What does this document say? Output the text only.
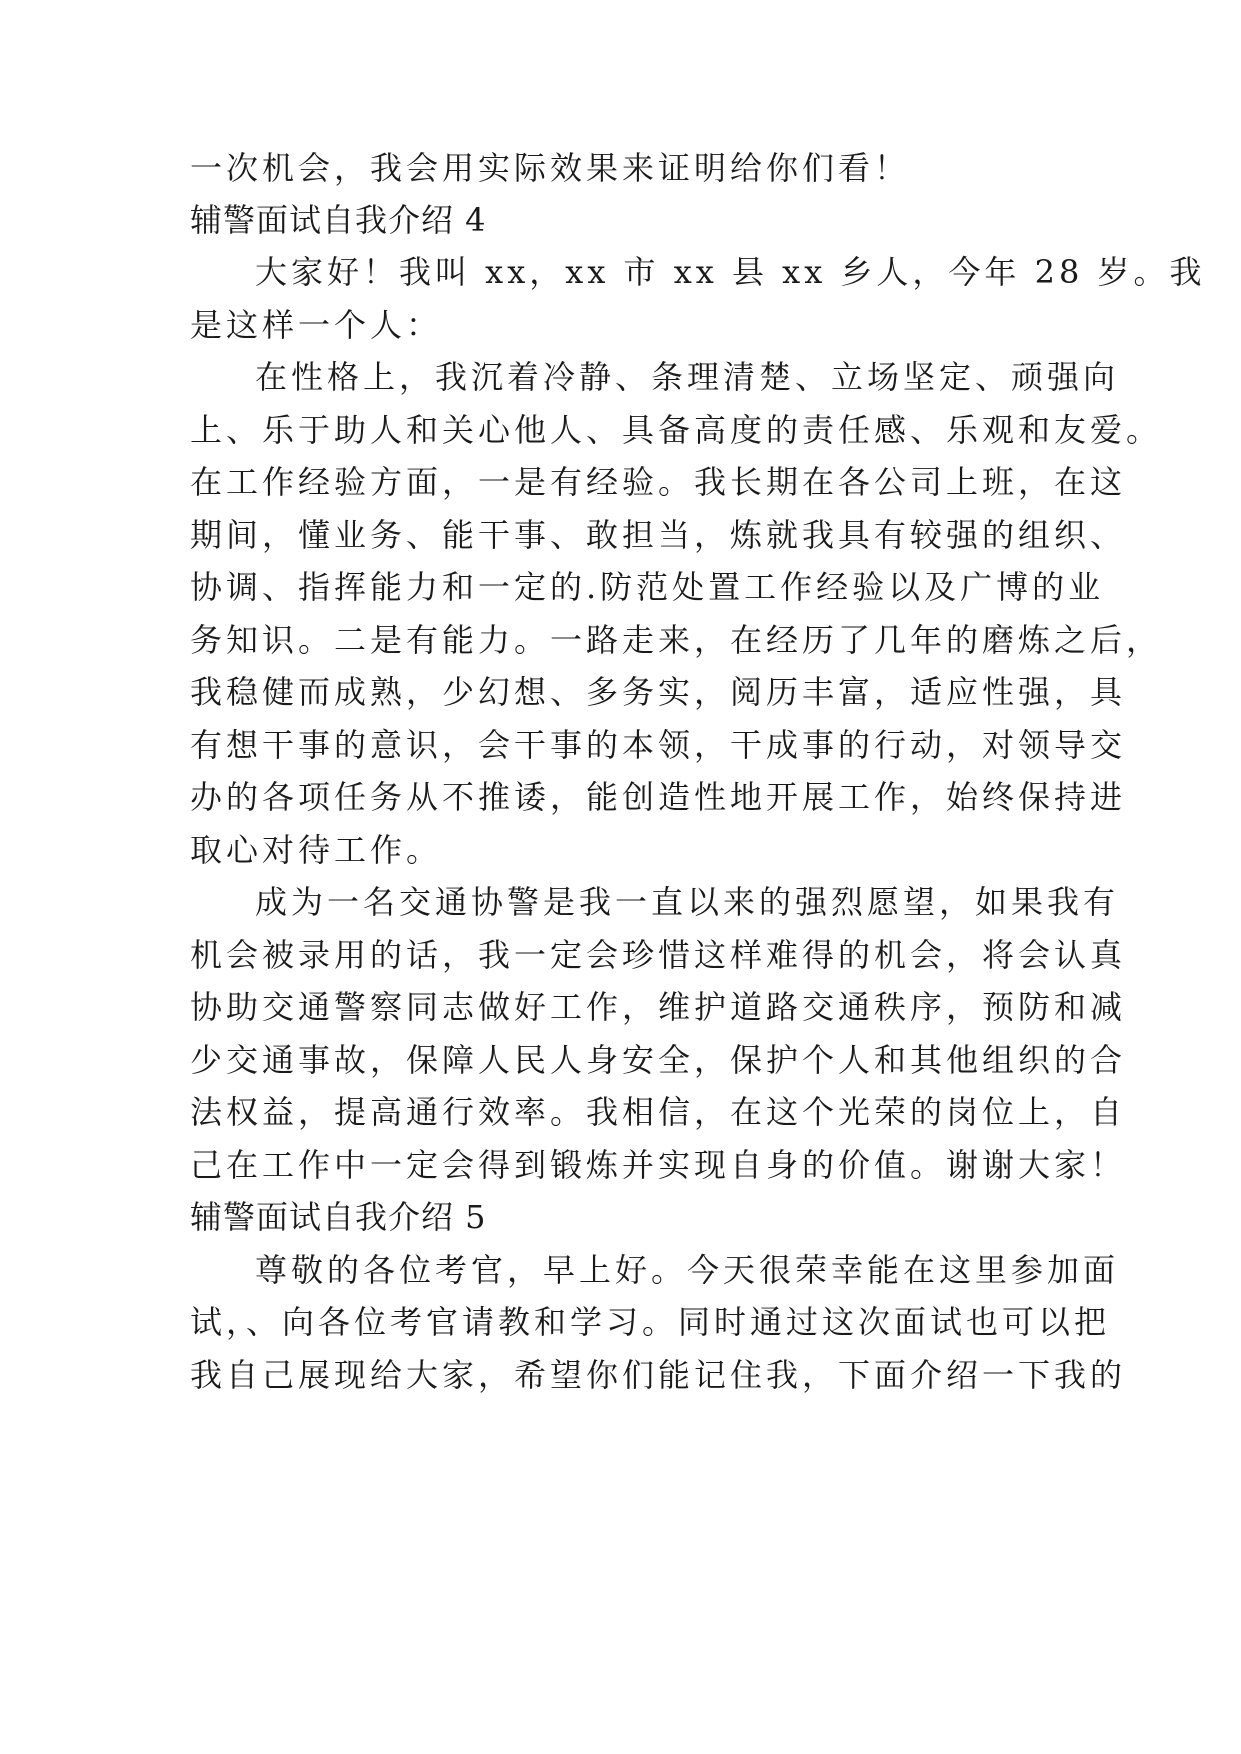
一次机会，我会用实际效果来证明给你们看！
辅警面试自我介绍 4
大家好！我叫 xx，xx 市 xx 县 xx 乡人，今年 28 岁。我
是这样一个人：
在性格上，我沉着冷静、条理清楚、立场坚定、顽强向
上、乐于助人和关心他人、具备高度的责任感、乐观和友爱。
在工作经验方面，一是有经验。我长期在各公司上班，在这
期间，懂业务、能干事、敢担当，炼就我具有较强的组织、
协调、指挥能力和一定的.防范处置工作经验以及广博的业
务知识。二是有能力。一路走来，在经历了几年的磨炼之后，
我稳健而成熟，少幻想、多务实，阅历丰富，适应性强，具
有想干事的意识，会干事的本领，干成事的行动，对领导交
办的各项任务从不推诿，能创造性地开展工作，始终保持进
取心对待工作。
成为一名交通协警是我一直以来的强烈愿望，如果我有
机会被录用的话，我一定会珍惜这样难得的机会，将会认真
协助交通警察同志做好工作，维护道路交通秩序，预防和减
少交通事故，保障人民人身安全，保护个人和其他组织的合
法权益，提高通行效率。我相信，在这个光荣的岗位上，自
己在工作中一定会得到锻炼并实现自身的价值。谢谢大家！
辅警面试自我介绍 5
尊敬的各位考官，早上好。今天很荣幸能在这里参加面
试，、向各位考官请教和学习。同时通过这次面试也可以把
我自己展现给大家，希望你们能记住我，下面介绍一下我的
